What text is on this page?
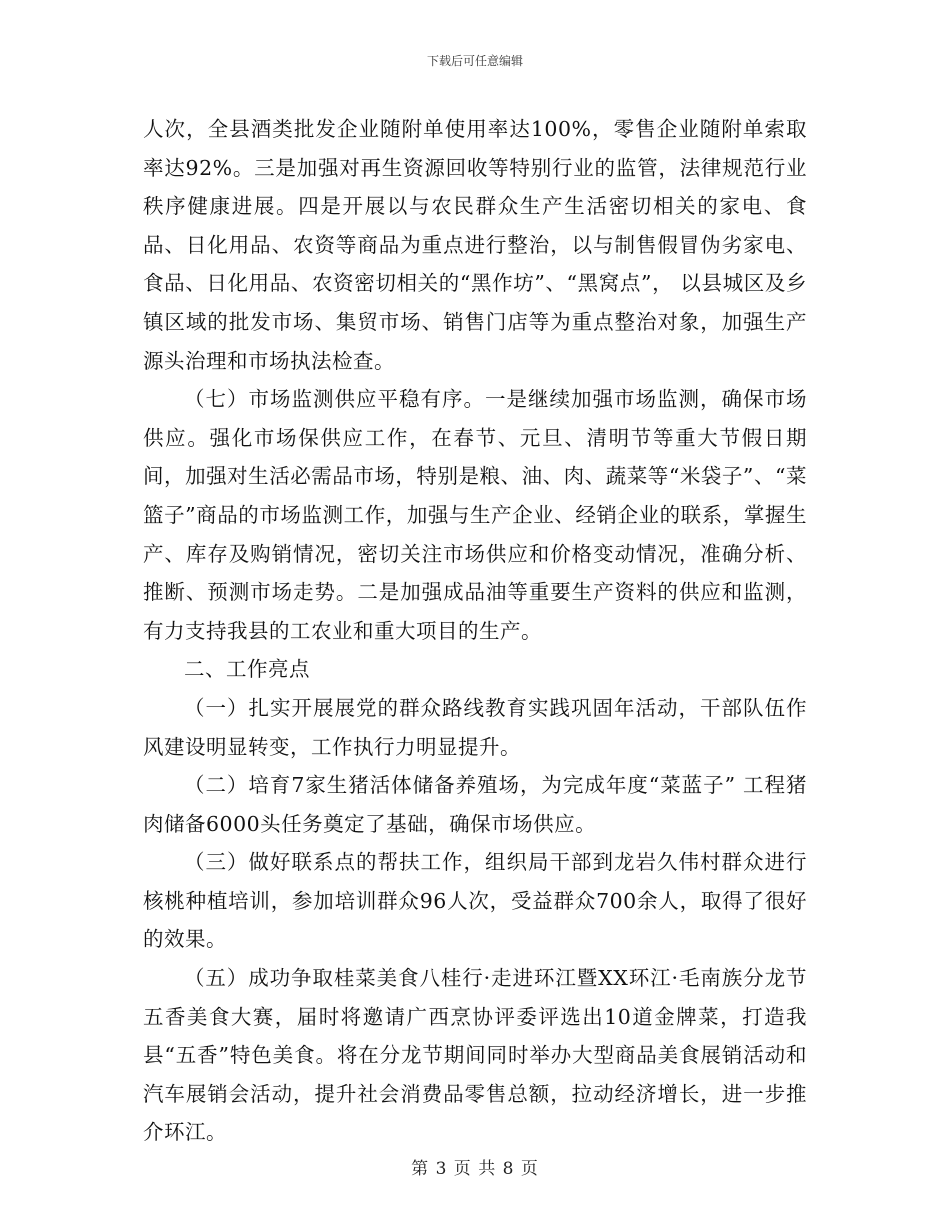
下载后可任意编辑

人次，全县酒类批发企业随附单使用率达100%，零售企业随附单索取率达92%。三是加强对再生资源回收等特别行业的监管，法律规范行业秩序健康进展。四是开展以与农民群众生产生活密切相关的家电、食品、日化用品、农资等商品为重点进行整治，以与制售假冒伪劣家电、食品、日化用品、农资密切相关的“黑作坊”、“黑窝点”， 以县城区及乡镇区域的批发市场、集贸市场、销售门店等为重点整治对象，加强生产源头治理和市场执法检查。

（七）市场监测供应平稳有序。一是继续加强市场监测，确保市场供应。强化市场保供应工作，在春节、元旦、清明节等重大节假日期间，加强对生活必需品市场，特别是粮、油、肉、蔬菜等“米袋子”、“菜篮子”商品的市场监测工作，加强与生产企业、经销企业的联系，掌握生产、库存及购销情况，密切关注市场供应和价格变动情况，准确分析、推断、预测市场走势。二是加强成品油等重要生产资料的供应和监测，有力支持我县的工农业和重大项目的生产。

二、工作亮点

（一）扎实开展展党的群众路线教育实践巩固年活动，干部队伍作风建设明显转变，工作执行力明显提升。

（二）培育7家生猪活体储备养殖场，为完成年度“菜蓝子” 工程猪肉储备6000头任务奠定了基础，确保市场供应。

（三）做好联系点的帮扶工作，组织局干部到龙岩久伟村群众进行核桃种植培训，参加培训群众96人次，受益群众700余人，取得了很好的效果。

（五）成功争取桂菜美食八桂行·走进环江暨XX环江·毛南族分龙节五香美食大赛，届时将邀请广西烹协评委评选出10道金牌菜，打造我县“五香”特色美食。将在分龙节期间同时举办大型商品美食展销活动和汽车展销会活动，提升社会消费品零售总额，拉动经济增长，进一步推介环江。

第 3 页 共 8 页
